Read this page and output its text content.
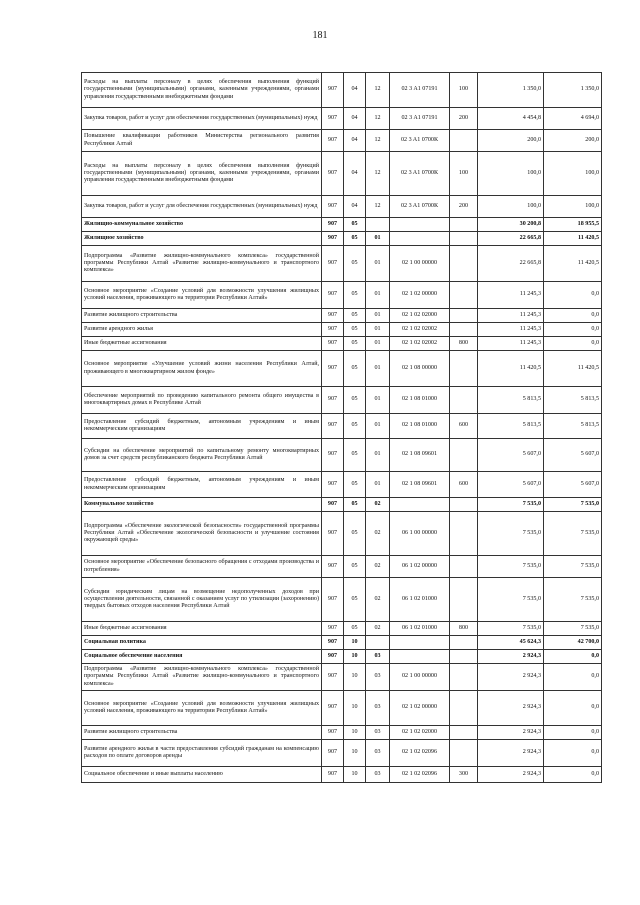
181
Расходы на выплаты персоналу в целях обеспечения выполнения функций государственными (муниципальными) органами, казенными учреждениями, органами управления государственными внебюджетными фондами	907	04	12	02 3 A1 07191	100	1 350,0	1 350,0
Закупка товаров, работ и услуг для обеспечения государственных (муниципальных) нужд	907	04	12	02 3 A1 07191	200	4 454,8	4 694,0
Повышение квалификации работников Министерства регионального развития Республики Алтай	907	04	12	02 3 A1 0700К		200,0	200,0
Расходы на выплаты персоналу в целях обеспечения выполнения функций государственными (муниципальными) органами, казенными учреждениями, органами управления государственными внебюджетными фондами	907	04	12	02 3 A1 0700К	100	100,0	100,0
Закупка товаров, работ и услуг для обеспечения государственных (муниципальных) нужд	907	04	12	02 3 A1 0700К	200	100,0	100,0
Жилищно-коммунальное хозяйство	907	05				30 200,8	18 955,5
Жилищное хозяйство	907	05	01			22 665,8	11 420,5
Подпрограмма «Развитие жилищно-коммунального комплекса» государственной программы Республики Алтай «Развитие жилищно-коммунального и транспортного комплекса»	907	05	01	02 1 00 00000		22 665,8	11 420,5
Основное мероприятие «Создание условий для возможности улучшения жилищных условий населения, проживающего на территории Республики Алтай»	907	05	01	02 1 02 00000		11 245,3	0,0
Развитие жилищного строительства	907	05	01	02 1 02 02000		11 245,3	0,0
Развитие арендного жилья	907	05	01	02 1 02 02002		11 245,3	0,0
Иные бюджетные ассигнования	907	05	01	02 1 02 02002	800	11 245,3	0,0
Основное мероприятие «Улучшение условий жизни населения Республики Алтай, проживающего в многоквартирном жилом фонде»	907	05	01	02 1 08 00000		11 420,5	11 420,5
Обеспечение мероприятий по проведению капитального ремонта общего имущества в многоквартирных домах в Республике Алтай	907	05	01	02 1 08 01000		5 813,5	5 813,5
Предоставление субсидий бюджетным, автономным учреждениям и иным некоммерческим организациям	907	05	01	02 1 08 01000	600	5 813,5	5 813,5
Субсидии на обеспечение мероприятий по капитальному ремонту многоквартирных домов за счет средств республиканского бюджета Республики Алтай	907	05	01	02 1 08 09601		5 607,0	5 607,0
Предоставление субсидий бюджетным, автономным учреждениям и иным некоммерческим организациям	907	05	01	02 1 08 09601	600	5 607,0	5 607,0
Коммунальное хозяйство	907	05	02			7 535,0	7 535,0
Подпрограмма «Обеспечение экологической безопасности» государственной программы Республики Алтай «Обеспечение экологической безопасности и улучшение состояния окружающей среды»	907	05	02	06 1 00 00000		7 535,0	7 535,0
Основное мероприятие «Обеспечение безопасного обращения с отходами производства и потребления»	907	05	02	06 1 02 00000		7 535,0	7 535,0
Субсидии юридическим лицам на возмещение недополученных доходов при осуществлении деятельности, связанной с оказанием услуг по утилизации (захоронению) твердых бытовых отходов населения Республики Алтай	907	05	02	06 1 02 01000		7 535,0	7 535,0
Иные бюджетные ассигнования	907	05	02	06 1 02 01000	800	7 535,0	7 535,0
Социальная политика	907	10				45 624,3	42 700,0
Социальное обеспечение населения	907	10	03			2 924,3	0,0
Подпрограмма «Развитие жилищно-коммунального комплекса» государственной программы Республики Алтай «Развитие жилищно-коммунального и транспортного комплекса»	907	10	03	02 1 00 00000		2 924,3	0,0
Основное мероприятие «Создание условий для возможности улучшения жилищных условий населения, проживающего на территории Республики Алтай»	907	10	03	02 1 02 00000		2 924,3	0,0
Развитие жилищного строительства	907	10	03	02 1 02 02000		2 924,3	0,0
Развитие арендного жилья в части предоставления субсидий гражданам на компенсацию расходов по оплате договоров аренды	907	10	03	02 1 02 02096		2 924,3	0,0
Социальное обеспечение и иные выплаты населению	907	10	03	02 1 02 02096	300	2 924,3	0,0
